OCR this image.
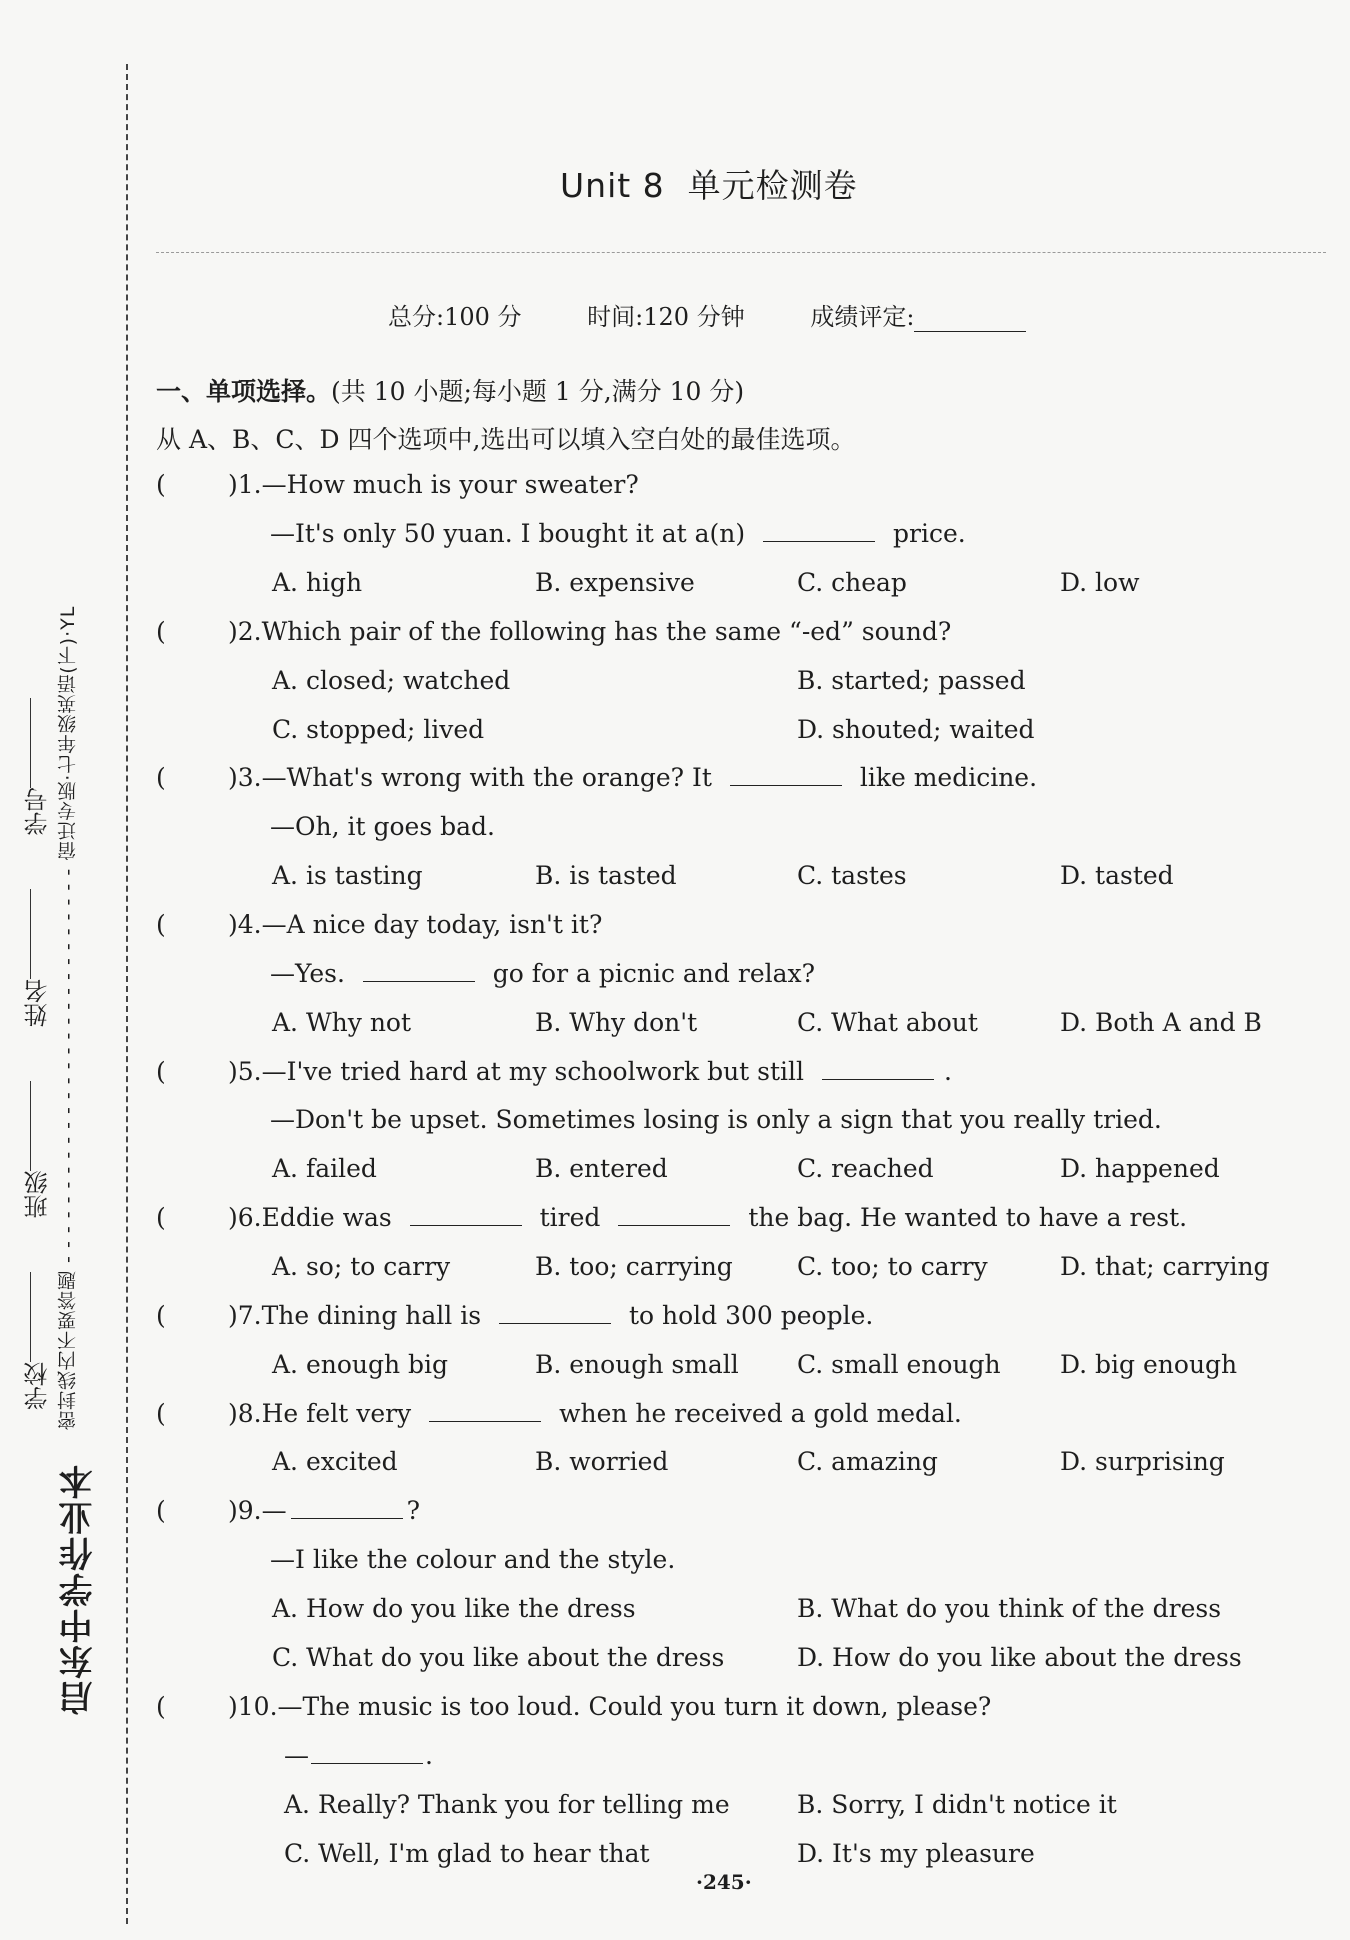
启东中学作业本
密封线内不要答题 - - - - - - - - - - - - - - - - - - - - - - - - - - - 宿迁专版·七年级英语(下)·YL
学校       班级       姓名       学号
Unit 8  单元检测卷
总分:100 分	时间:120 分钟	成绩评定:
一、单项选择。(共 10 小题;每小题 1 分,满分 10 分)
从 A、B、C、D 四个选项中,选出可以填入空白处的最佳选项。
( )1.—How much is your sweater?
—It's only 50 yuan. I bought it at a(n)	price.
A. high	B. expensive	C. cheap	D. low
( )2.Which pair of the following has the same “-ed” sound?
A. closed; watched	B. started; passed
C. stopped; lived	D. shouted; waited
( )3.—What's wrong with the orange? It	like medicine.
—Oh, it goes bad.
A. is tasting	B. is tasted	C. tastes	D. tasted
( )4.—A nice day today, isn't it?
—Yes.	go for a picnic and relax?
A. Why not	B. Why don't	C. What about	D. Both A and B
( )5.—I've tried hard at my schoolwork but still	.
—Don't be upset. Sometimes losing is only a sign that you really tried.
A. failed	B. entered	C. reached	D. happened
( )6.Eddie was	tired	the bag. He wanted to have a rest.
A. so; to carry	B. too; carrying	C. too; to carry	D. that; carrying
( )7.The dining hall is	to hold 300 people.
A. enough big	B. enough small C. small enough D. big enough
( )8.He felt very	when he received a gold medal.
A. excited	B. worried	C. amazing	D. surprising
( )9.—	?
—I like the colour and the style.
A. How do you like the dress	B. What do you think of the dress
C. What do you like about the dress	D. How do you like about the dress
( )10.—The music is too loud. Could you turn it down, please?
—	.
A. Really? Thank you for telling me	B. Sorry, I didn't notice it
C. Well, I'm glad to hear that	D. It's my pleasure
·245·
